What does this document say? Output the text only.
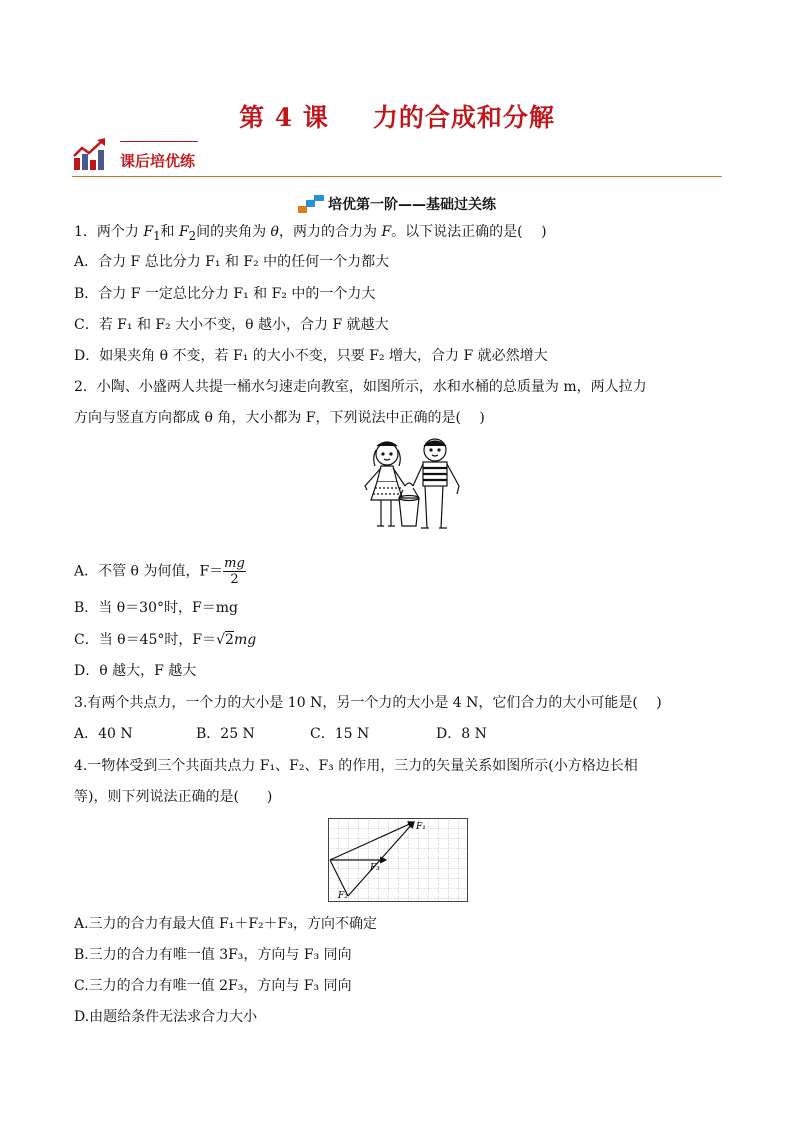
第 4 课 力的合成和分解
课后培优练
培优第一阶——基础过关练
1．两个力 $F_1$和 $F_2$间的夹角为 θ，两力的合力为 F。以下说法正确的是(　 )
A．合力 F 总比分力 F₁ 和 F₂ 中的任何一个力都大
B．合力 F 一定总比分力 F₁ 和 F₂ 中的一个力大
C．若 F₁ 和 F₂ 大小不变，θ 越小，合力 F 就越大
D．如果夹角 θ 不变，若 F₁ 的大小不变，只要 F₂ 增大，合力 F 就必然增大
2．小陶、小盛两人共提一桶水匀速走向教室，如图所示，水和水桶的总质量为 m，两人拉力
方向与竖直方向都成 θ 角，大小都为 F，下列说法中正确的是(　 )
A．不管 θ 为何值，$F= \frac{mg}{2}$
B．当 θ＝30°时，F＝mg
C．当 θ＝45°时，F＝√2mg
D．θ 越大，F 越大
3.有两个共点力，一个力的大小是 10 N，另一个力的大小是 4 N，它们合力的大小可能是(　 )
A．40 N	B．25 N	C．15 N	D．8 N
4.一物体受到三个共面共点力 F₁、F₂、F₃ 的作用，三力的矢量关系如图所示(小方格边长相
等)，则下列说法正确的是(　　)
F₁
F₃
F₂
A.三力的合力有最大值 F₁＋F₂＋F₃，方向不确定
B.三力的合力有唯一值 3F₃，方向与 F₃ 同向
C.三力的合力有唯一值 2F₃，方向与 F₃ 同向
D.由题给条件无法求合力大小
